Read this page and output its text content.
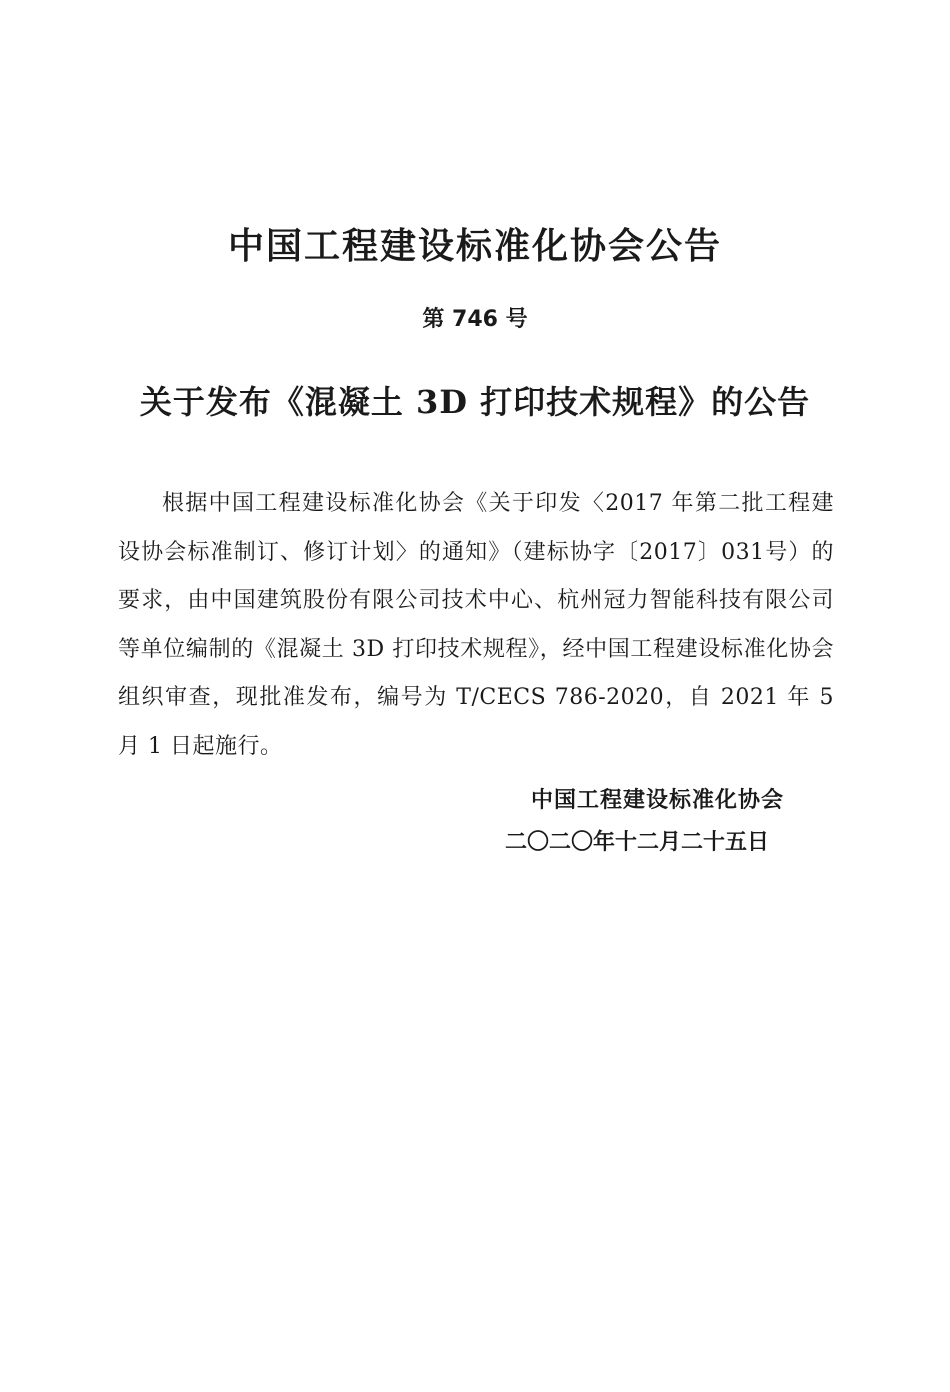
中国工程建设标准化协会公告
第 746 号
关于发布《混凝土 3D 打印技术规程》的公告

根据中国工程建设标准化协会《关于印发〈2017 年第二批工程建设协会标准制订、修订计划〉的通知》（建标协字〔2017〕031号）的要求，由中国建筑股份有限公司技术中心、杭州冠力智能科技有限公司等单位编制的《混凝土 3D 打印技术规程》，经中国工程建设标准化协会组织审查，现批准发布，编号为 T/CECS 786-2020，自 2021 年 5 月 1 日起施行。

中国工程建设标准化协会
二〇二〇年十二月二十五日
